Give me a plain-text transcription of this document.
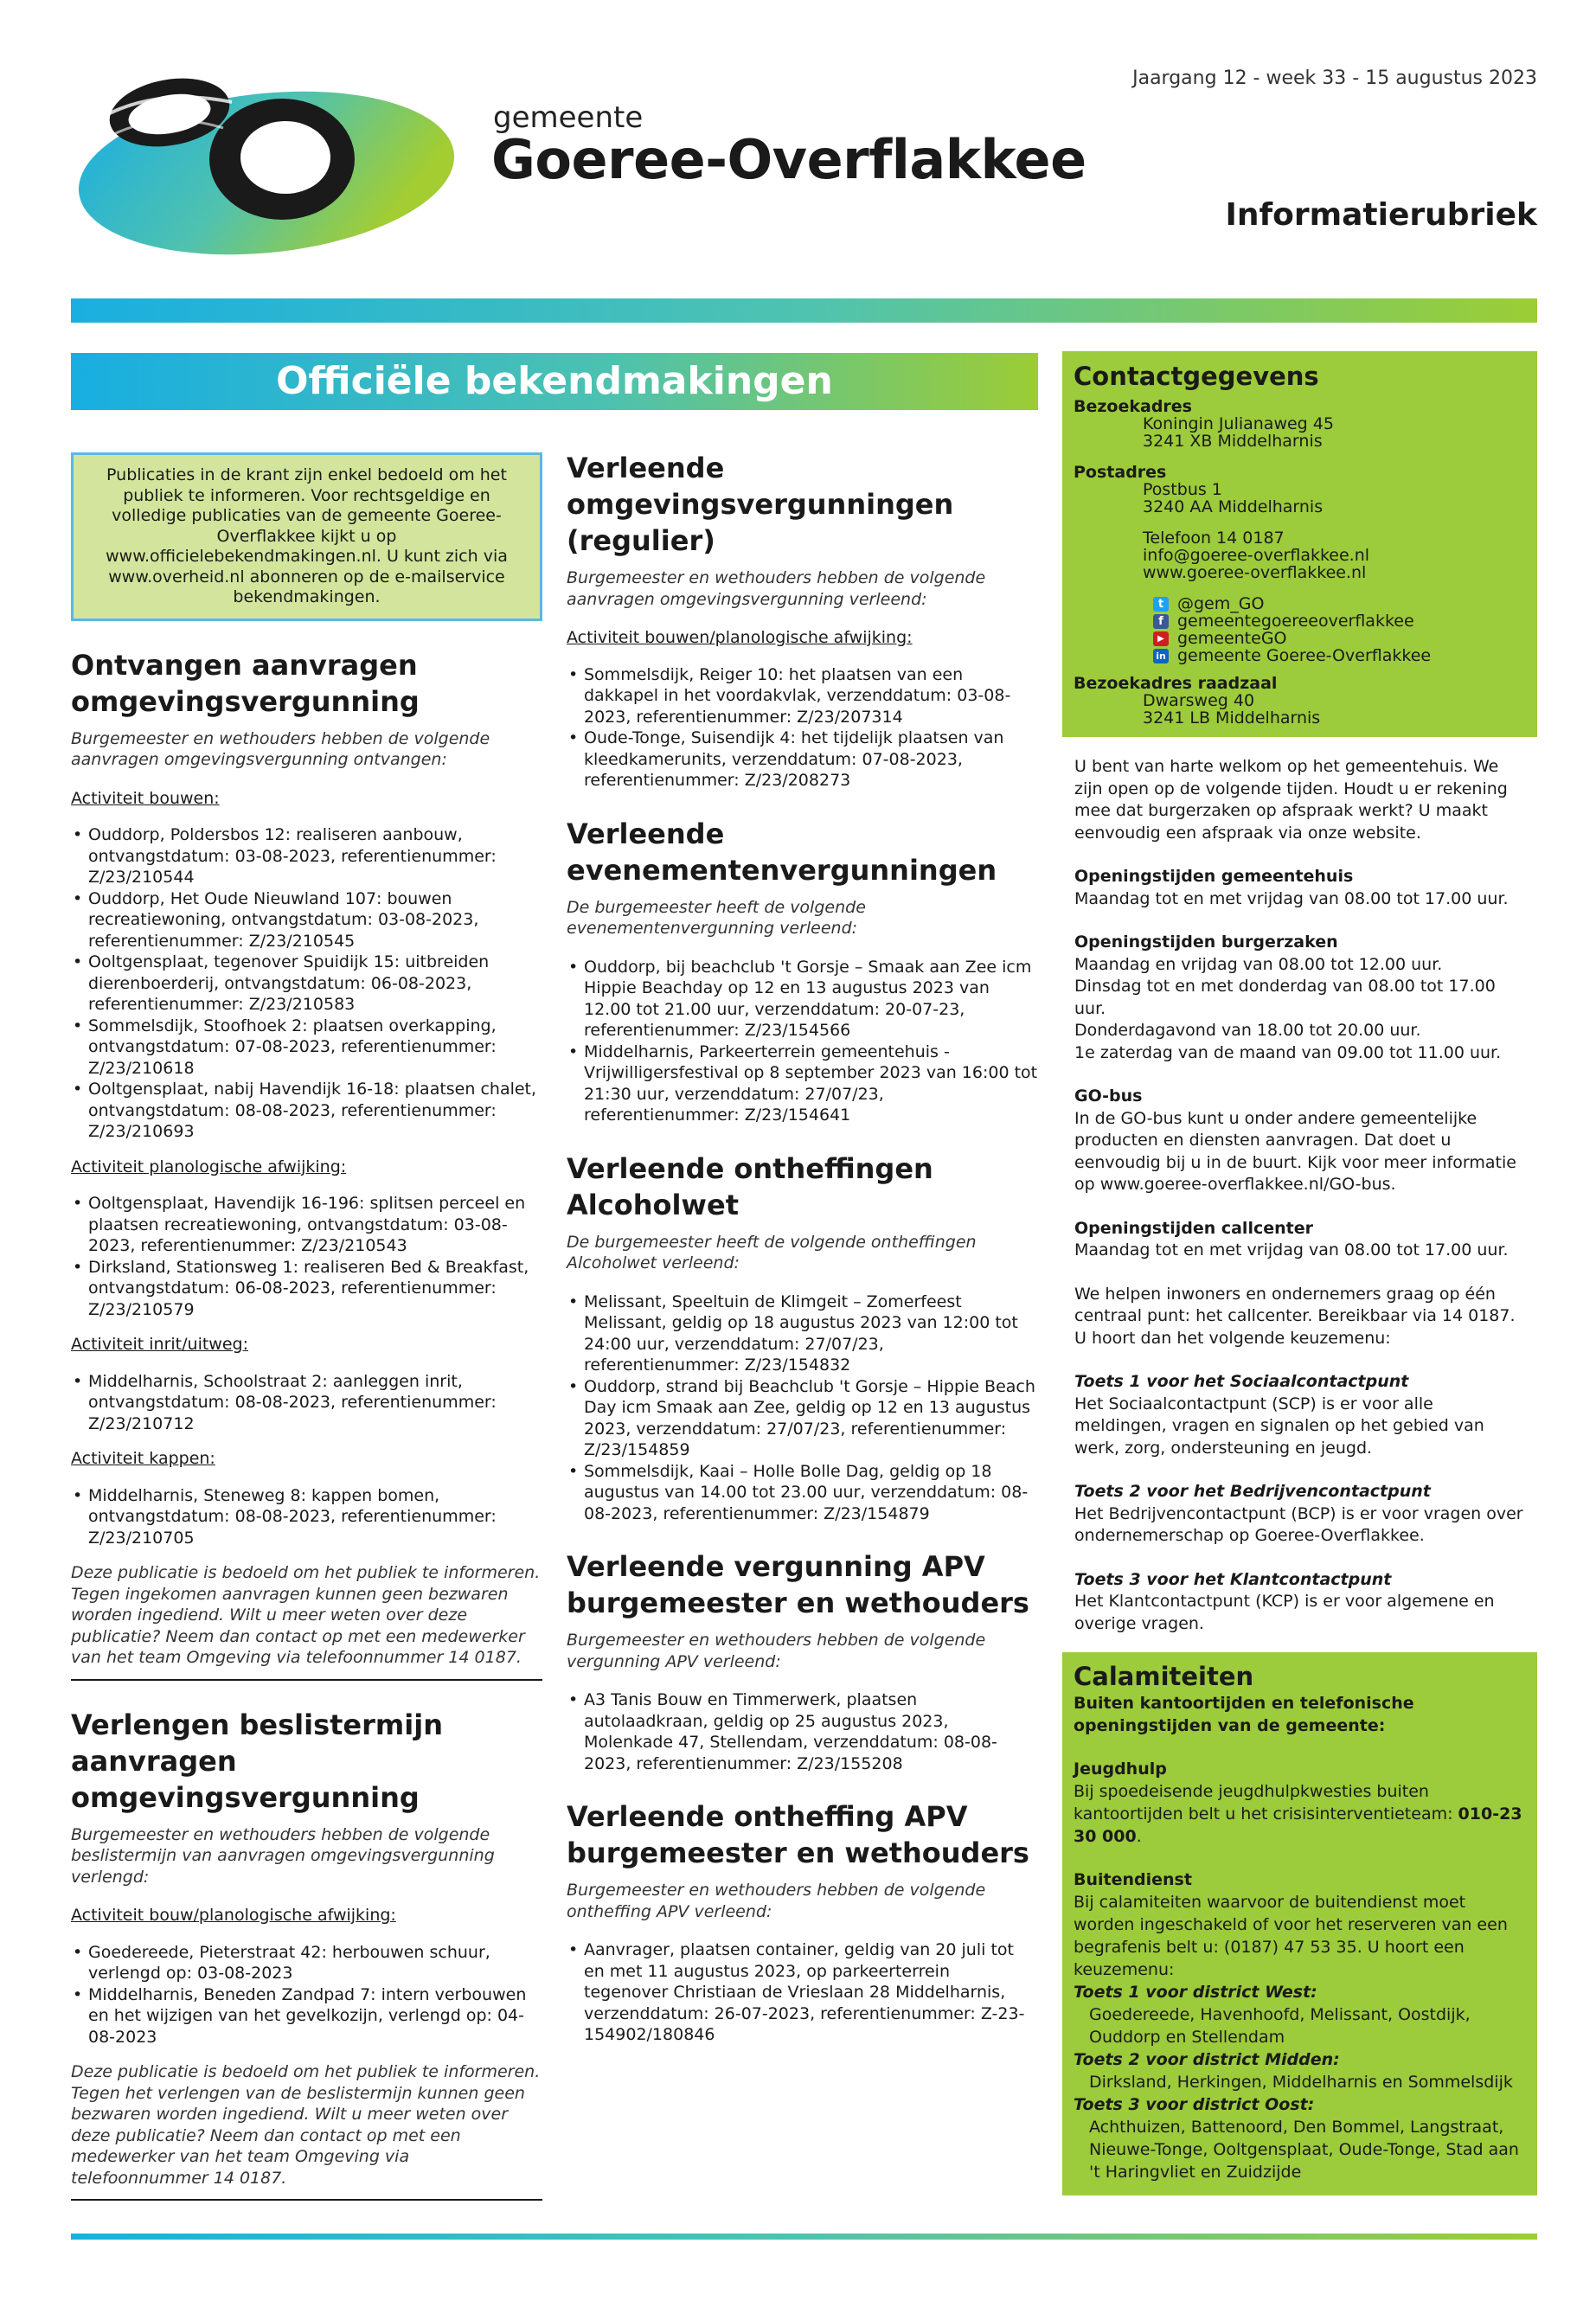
gemeente
Goeree-Overflakkee
Jaargang 12 - week 33 - 15 augustus 2023
Informatierubriek
Officiële bekendmakingen
Publicaties in de krant zijn enkel bedoeld om het publiek te informeren. Voor rechtsgeldige en volledige publicaties van de gemeente Goeree-Overflakkee kijkt u op www.officielebekendmakingen.nl. U kunt zich via www.overheid.nl abonneren op de e-mailservice bekendmakingen.
Ontvangen aanvragen omgevingsvergunning
Burgemeester en wethouders hebben de volgende aanvragen omgevingsvergunning ontvangen:
Activiteit bouwen:
• Ouddorp, Poldersbos 12: realiseren aanbouw, ontvangstdatum: 03-08-2023, referentienummer: Z/23/210544
• Ouddorp, Het Oude Nieuwland 107: bouwen recreatiewoning, ontvangstdatum: 03-08-2023, referentienummer: Z/23/210545
• Ooltgensplaat, tegenover Spuidijk 15: uitbreiden dierenboerderij, ontvangstdatum: 06-08-2023, referentienummer: Z/23/210583
• Sommelsdijk, Stoofhoek 2: plaatsen overkapping, ontvangstdatum: 07-08-2023, referentienummer: Z/23/210618
• Ooltgensplaat, nabij Havendijk 16-18: plaatsen chalet, ontvangstdatum: 08-08-2023, referentienummer: Z/23/210693
Activiteit planologische afwijking:
• Ooltgensplaat, Havendijk 16-196: splitsen perceel en plaatsen recreatiewoning, ontvangstdatum: 03-08-2023, referentienummer: Z/23/210543
• Dirksland, Stationsweg 1: realiseren Bed & Breakfast, ontvangstdatum: 06-08-2023, referentienummer: Z/23/210579
Activiteit inrit/uitweg:
• Middelharnis, Schoolstraat 2: aanleggen inrit, ontvangstdatum: 08-08-2023, referentienummer: Z/23/210712
Activiteit kappen:
• Middelharnis, Steneweg 8: kappen bomen, ontvangstdatum: 08-08-2023, referentienummer: Z/23/210705
Deze publicatie is bedoeld om het publiek te informeren. Tegen ingekomen aanvragen kunnen geen bezwaren worden ingediend. Wilt u meer weten over deze publicatie? Neem dan contact op met een medewerker van het team Omgeving via telefoonnummer 14 0187.
Verlengen beslistermijn aanvragen omgevingsvergunning
Burgemeester en wethouders hebben de volgende beslistermijn van aanvragen omgevingsvergunning verlengd:
Activiteit bouw/planologische afwijking:
• Goedereede, Pieterstraat 42: herbouwen schuur, verlengd op: 03-08-2023
• Middelharnis, Beneden Zandpad 7: intern verbouwen en het wijzigen van het gevelkozijn, verlengd op: 04-08-2023
Deze publicatie is bedoeld om het publiek te informeren. Tegen het verlengen van de beslistermijn kunnen geen bezwaren worden ingediend. Wilt u meer weten over deze publicatie? Neem dan contact op met een medewerker van het team Omgeving via telefoonnummer 14 0187.
Verleende omgevingsvergunningen (regulier)
Burgemeester en wethouders hebben de volgende aanvragen omgevingsvergunning verleend:
Activiteit bouwen/planologische afwijking:
• Sommelsdijk, Reiger 10: het plaatsen van een dakkapel in het voordakvlak, verzenddatum: 03-08-2023, referentienummer: Z/23/207314
• Oude-Tonge, Suisendijk 4: het tijdelijk plaatsen van kleedkamerunits, verzenddatum: 07-08-2023, referentienummer: Z/23/208273
Verleende evenementenvergunningen
De burgemeester heeft de volgende evenementenvergunning verleend:
• Ouddorp, bij beachclub 't Gorsje – Smaak aan Zee icm Hippie Beachday op 12 en 13 augustus 2023 van 12.00 tot 21.00 uur, verzenddatum: 20-07-23, referentienummer: Z/23/154566
• Middelharnis, Parkeerterrein gemeentehuis - Vrijwilligersfestival op 8 september 2023 van 16:00 tot 21:30 uur, verzenddatum: 27/07/23, referentienummer: Z/23/154641
Verleende ontheffingen Alcoholwet
De burgemeester heeft de volgende ontheffingen Alcoholwet verleend:
• Melissant, Speeltuin de Klimgeit – Zomerfeest Melissant, geldig op 18 augustus 2023 van 12:00 tot 24:00 uur, verzenddatum: 27/07/23, referentienummer: Z/23/154832
• Ouddorp, strand bij Beachclub 't Gorsje – Hippie Beach Day icm Smaak aan Zee, geldig op 12 en 13 augustus 2023, verzenddatum: 27/07/23, referentienummer: Z/23/154859
• Sommelsdijk, Kaai – Holle Bolle Dag, geldig op 18 augustus van 14.00 tot 23.00 uur, verzenddatum: 08-08-2023, referentienummer: Z/23/154879
Verleende vergunning APV burgemeester en wethouders
Burgemeester en wethouders hebben de volgende vergunning APV verleend:
• A3 Tanis Bouw en Timmerwerk, plaatsen autolaadkraan, geldig op 25 augustus 2023, Molenkade 47, Stellendam, verzenddatum: 08-08-2023, referentienummer: Z/23/155208
Verleende ontheffing APV burgemeester en wethouders
Burgemeester en wethouders hebben de volgende ontheffing APV verleend:
• Aanvrager, plaatsen container, geldig van 20 juli tot en met 11 augustus 2023, op parkeerterrein tegenover Christiaan de Vrieslaan 28 Middelharnis, verzenddatum: 26-07-2023, referentienummer: Z-23-154902/180846
Contactgegevens
Bezoekadres
Koningin Julianaweg 45
3241 XB Middelharnis
Postadres
Postbus 1
3240 AA Middelharnis
Telefoon 14 0187
info@goeree-overflakkee.nl
www.goeree-overflakkee.nl
t @gem_GO
f gemeentegoereeoverflakkee
▶ gemeenteGO
in gemeente Goeree-Overflakkee
Bezoekadres raadzaal
Dwarsweg 40
3241 LB Middelharnis
U bent van harte welkom op het gemeentehuis. We zijn open op de volgende tijden. Houdt u er rekening mee dat burgerzaken op afspraak werkt? U maakt eenvoudig een afspraak via onze website.
Openingstijden gemeentehuis
Maandag tot en met vrijdag van 08.00 tot 17.00 uur.
Openingstijden burgerzaken
Maandag en vrijdag van 08.00 tot 12.00 uur.
Dinsdag tot en met donderdag van 08.00 tot 17.00 uur.
Donderdagavond van 18.00 tot 20.00 uur.
1e zaterdag van de maand van 09.00 tot 11.00 uur.
GO-bus
In de GO-bus kunt u onder andere gemeentelijke producten en diensten aanvragen. Dat doet u eenvoudig bij u in de buurt. Kijk voor meer informatie op www.goeree-overflakkee.nl/GO-bus.
Openingstijden callcenter
Maandag tot en met vrijdag van 08.00 tot 17.00 uur.
We helpen inwoners en ondernemers graag op één centraal punt: het callcenter. Bereikbaar via 14 0187. U hoort dan het volgende keuzemenu:
Toets 1 voor het Sociaalcontactpunt
Het Sociaalcontactpunt (SCP) is er voor alle meldingen, vragen en signalen op het gebied van werk, zorg, ondersteuning en jeugd.
Toets 2 voor het Bedrijvencontactpunt
Het Bedrijvencontactpunt (BCP) is er voor vragen over ondernemerschap op Goeree-Overflakkee.
Toets 3 voor het Klantcontactpunt
Het Klantcontactpunt (KCP) is er voor algemene en overige vragen.
Calamiteiten
Buiten kantoortijden en telefonische openingstijden van de gemeente:
Jeugdhulp
Bij spoedeisende jeugdhulpkwesties buiten kantoortijden belt u het crisisinterventieteam: 010-23 30 000.
Buitendienst
Bij calamiteiten waarvoor de buitendienst moet worden ingeschakeld of voor het reserveren van een begrafenis belt u: (0187) 47 53 35. U hoort een keuzemenu:
Toets 1 voor district West:
Goedereede, Havenhoofd, Melissant, Oostdijk, Ouddorp en Stellendam
Toets 2 voor district Midden:
Dirksland, Herkingen, Middelharnis en Sommelsdijk
Toets 3 voor district Oost:
Achthuizen, Battenoord, Den Bommel, Langstraat, Nieuwe-Tonge, Ooltgensplaat, Oude-Tonge, Stad aan 't Haringvliet en Zuidzijde
